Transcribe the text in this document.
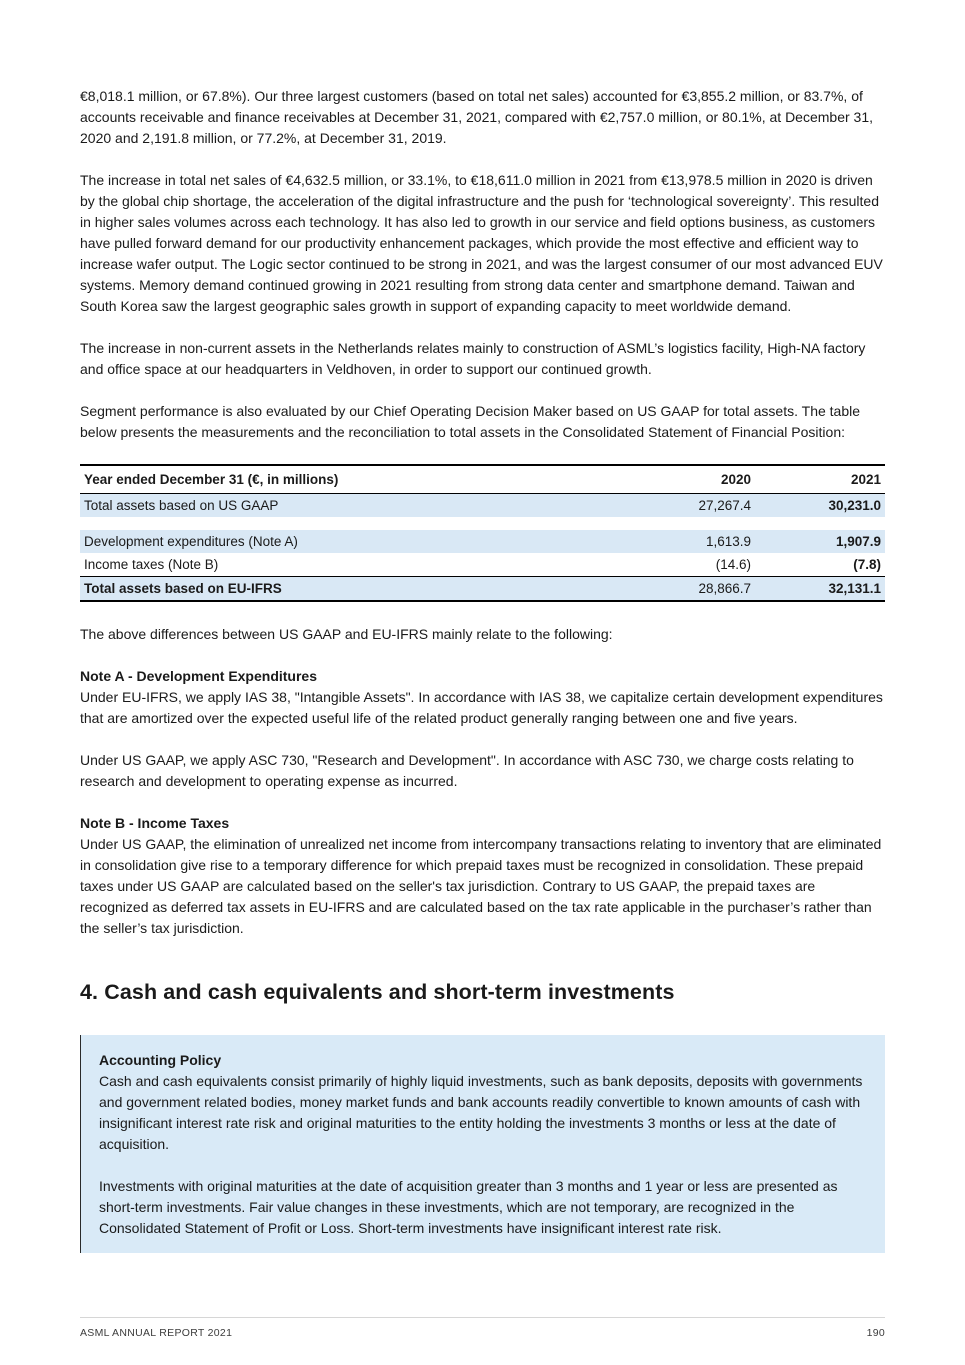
€8,018.1 million, or 67.8%). Our three largest customers (based on total net sales) accounted for €3,855.2 million, or 83.7%, of accounts receivable and finance receivables at December 31, 2021, compared with €2,757.0 million, or 80.1%, at December 31, 2020 and 2,191.8 million, or 77.2%, at December 31, 2019.

The increase in total net sales of €4,632.5 million, or 33.1%, to €18,611.0 million in 2021 from €13,978.5 million in 2020 is driven by the global chip shortage, the acceleration of the digital infrastructure and the push for ‘technological sovereignty’. This resulted in higher sales volumes across each technology. It has also led to growth in our service and field options business, as customers have pulled forward demand for our productivity enhancement packages, which provide the most effective and efficient way to increase wafer output. The Logic sector continued to be strong in 2021, and was the largest consumer of our most advanced EUV systems. Memory demand continued growing in 2021 resulting from strong data center and smartphone demand. Taiwan and South Korea saw the largest geographic sales growth in support of expanding capacity to meet worldwide demand.

The increase in non-current assets in the Netherlands relates mainly to construction of ASML’s logistics facility, High-NA factory and office space at our headquarters in Veldhoven, in order to support our continued growth.

Segment performance is also evaluated by our Chief Operating Decision Maker based on US GAAP for total assets. The table below presents the measurements and the reconciliation to total assets in the Consolidated Statement of Financial Position:

Year ended December 31 (€, in millions)	2020	2021
Total assets based on US GAAP	27,267.4	30,231.0

Development expenditures (Note A)	1,613.9	1,907.9
Income taxes (Note B)	(14.6)	(7.8)
Total assets based on EU-IFRS	28,866.7	32,131.1

The above differences between US GAAP and EU-IFRS mainly relate to the following:

Note A - Development Expenditures

Under EU-IFRS, we apply IAS 38, "Intangible Assets". In accordance with IAS 38, we capitalize certain development expenditures that are amortized over the expected useful life of the related product generally ranging between one and five years.

Under US GAAP, we apply ASC 730, "Research and Development". In accordance with ASC 730, we charge costs relating to research and development to operating expense as incurred.

Note B - Income Taxes

Under US GAAP, the elimination of unrealized net income from intercompany transactions relating to inventory that are eliminated in consolidation give rise to a temporary difference for which prepaid taxes must be recognized in consolidation. These prepaid taxes under US GAAP are calculated based on the seller's tax jurisdiction. Contrary to US GAAP, the prepaid taxes are recognized as deferred tax assets in EU-IFRS and are calculated based on the tax rate applicable in the purchaser’s rather than the seller’s tax jurisdiction.

4. Cash and cash equivalents and short-term investments

Accounting Policy

Cash and cash equivalents consist primarily of highly liquid investments, such as bank deposits, deposits with governments and government related bodies, money market funds and bank accounts readily convertible to known amounts of cash with insignificant interest rate risk and original maturities to the entity holding the investments 3 months or less at the date of acquisition.

Investments with original maturities at the date of acquisition greater than 3 months and 1 year or less are presented as short-term investments. Fair value changes in these investments, which are not temporary, are recognized in the Consolidated Statement of Profit or Loss. Short-term investments have insignificant interest rate risk.

ASML ANNUAL REPORT 2021	190
